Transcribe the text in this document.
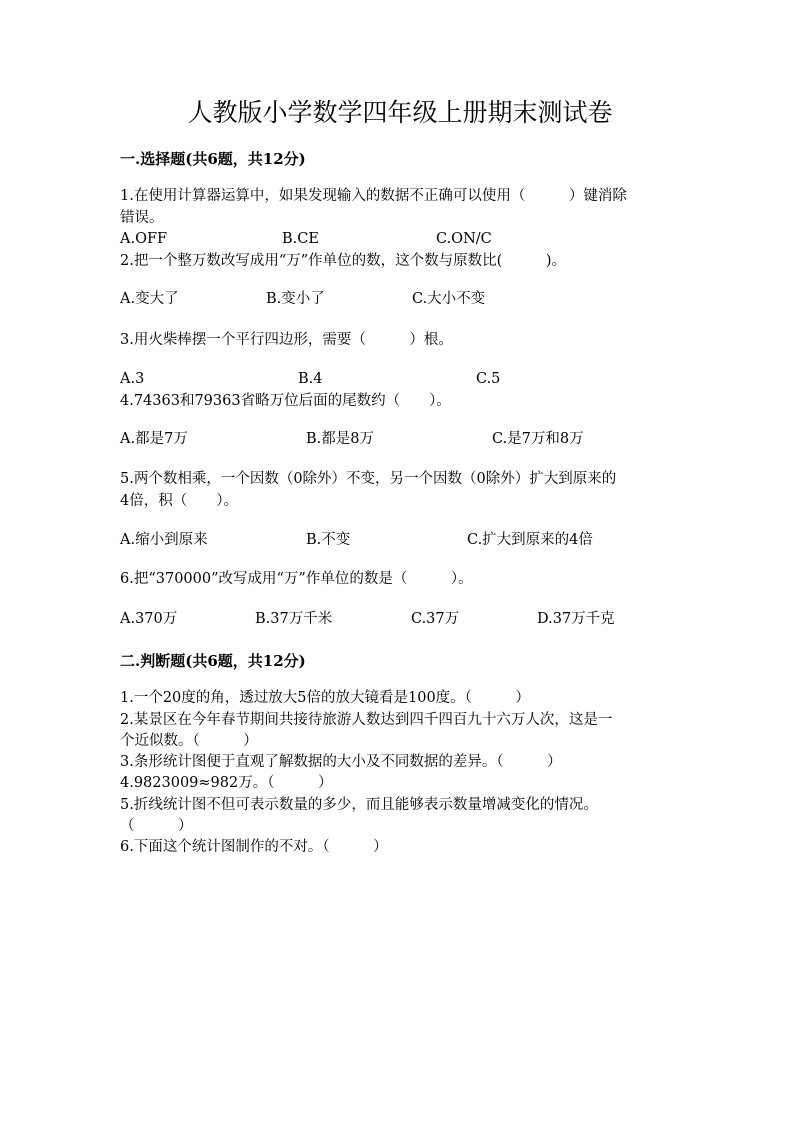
人教版小学数学四年级上册期末测试卷
一.选择题(共6题，共12分)
1.在使用计算器运算中，如果发现输入的数据不正确可以使用（　　　）键消除
错误。
A.OFF	B.CE	C.ON/C
2.把一个整万数改写成用“万”作单位的数，这个数与原数比(　　　)。
A.变大了	B.变小了	C.大小不变
3.用火柴棒摆一个平行四边形，需要（　　　）根。
A.3	B.4	C.5
4.74363和79363省略万位后面的尾数约（　　）。
A.都是7万	B.都是8万	C.是7万和8万
5.两个数相乘，一个因数（0除外）不变，另一个因数（0除外）扩大到原来的
4倍，积（　　）。
A.缩小到原来	B.不变	C.扩大到原来的4倍
6.把“370000”改写成用“万”作单位的数是（　　　）。
A.370万	B.37万千米	C.37万	D.37万千克
二.判断题(共6题，共12分)
1.一个20度的角，透过放大5倍的放大镜看是100度。（　　　）
2.某景区在今年春节期间共接待旅游人数达到四千四百九十六万人次，这是一
个近似数。（　　　）
3.条形统计图便于直观了解数据的大小及不同数据的差异。（　　　）
4.9823009≈982万。（　　　）
5.折线统计图不但可表示数量的多少，而且能够表示数量增减变化的情况。
（　　　）
6.下面这个统计图制作的不对。（　　　）
